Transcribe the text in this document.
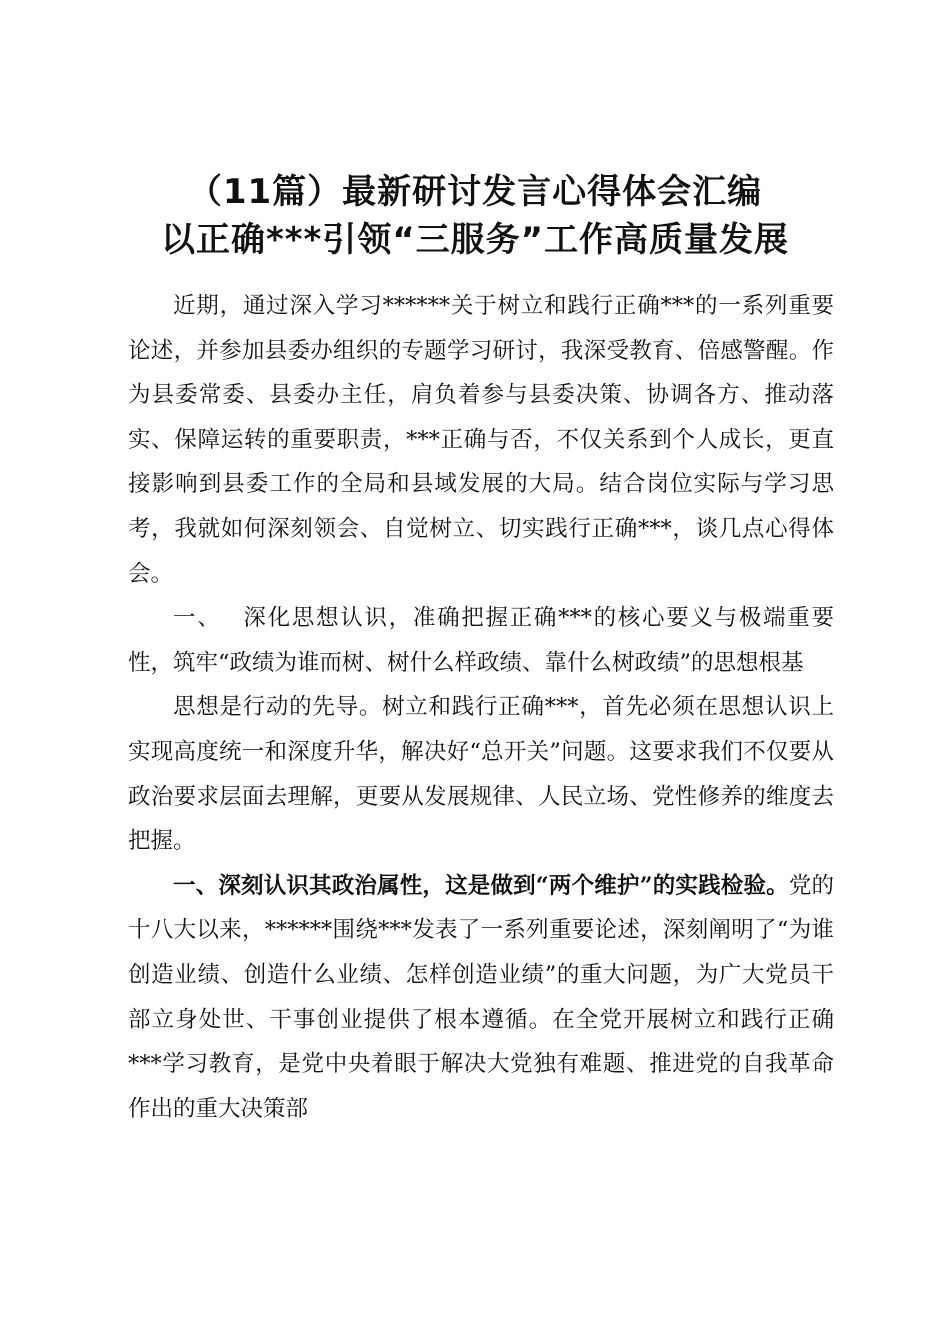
（11篇）最新研讨发言心得体会汇编
以正确***引领“三服务”工作高质量发展

近期，通过深入学习******关于树立和践行正确***的一系列重要论述，并参加县委办组织的专题学习研讨，我深受教育、倍感警醒。作为县委常委、县委办主任，肩负着参与县委决策、协调各方、推动落实、保障运转的重要职责，***正确与否，不仅关系到个人成长，更直接影响到县委工作的全局和县域发展的大局。结合岗位实际与学习思考，我就如何深刻领会、自觉树立、切实践行正确***，谈几点心得体会。

一、 深化思想认识，准确把握正确***的核心要义与极端重要性，筑牢“政绩为谁而树、树什么样政绩、靠什么树政绩”的思想根基

思想是行动的先导。树立和践行正确***，首先必须在思想认识上实现高度统一和深度升华，解决好“总开关”问题。这要求我们不仅要从政治要求层面去理解，更要从发展规律、人民立场、党性修养的维度去把握。

一、深刻认识其政治属性，这是做到“两个维护”的实践检验。党的十八大以来，******围绕***发表了一系列重要论述，深刻阐明了“为谁创造业绩、创造什么业绩、怎样创造业绩”的重大问题，为广大党员干部立身处世、干事创业提供了根本遵循。在全党开展树立和践行正确***学习教育，是党中央着眼于解决大党独有难题、推进党的自我革命作出的重大决策部
